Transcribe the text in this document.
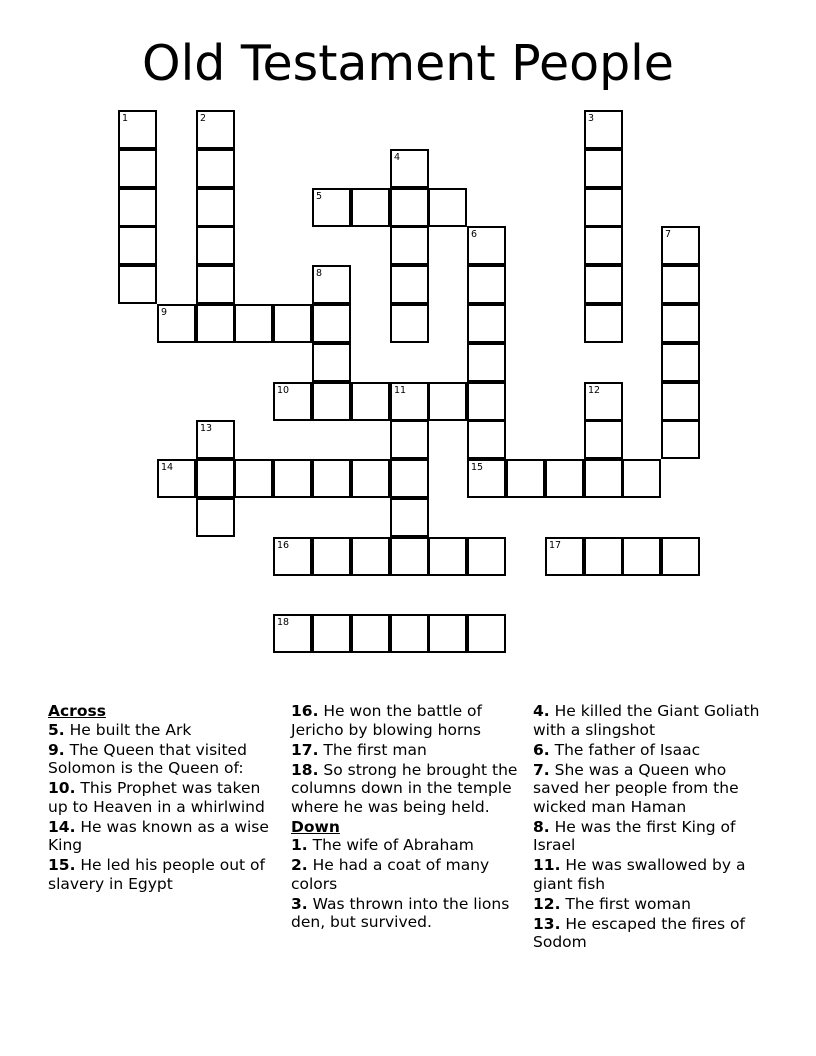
Old Testament People
1	2	3
4
5
6	7
8
9
10	11	12
13
14	15
16	17
18
Across
5. He built the Ark
9. The Queen that visited Solomon is the Queen of:
10. This Prophet was taken up to Heaven in a whirlwind
14. He was known as a wise King
15. He led his people out of slavery in Egypt
16. He won the battle of Jericho by blowing horns
17. The first man
18. So strong he brought the columns down in the temple where he was being held.
Down
1. The wife of Abraham
2. He had a coat of many colors
3. Was thrown into the lions den, but survived.
4. He killed the Giant Goliath with a slingshot
6. The father of Isaac
7. She was a Queen who saved her people from the wicked man Haman
8. He was the first King of Israel
11. He was swallowed by a giant fish
12. The first woman
13. He escaped the fires of Sodom
